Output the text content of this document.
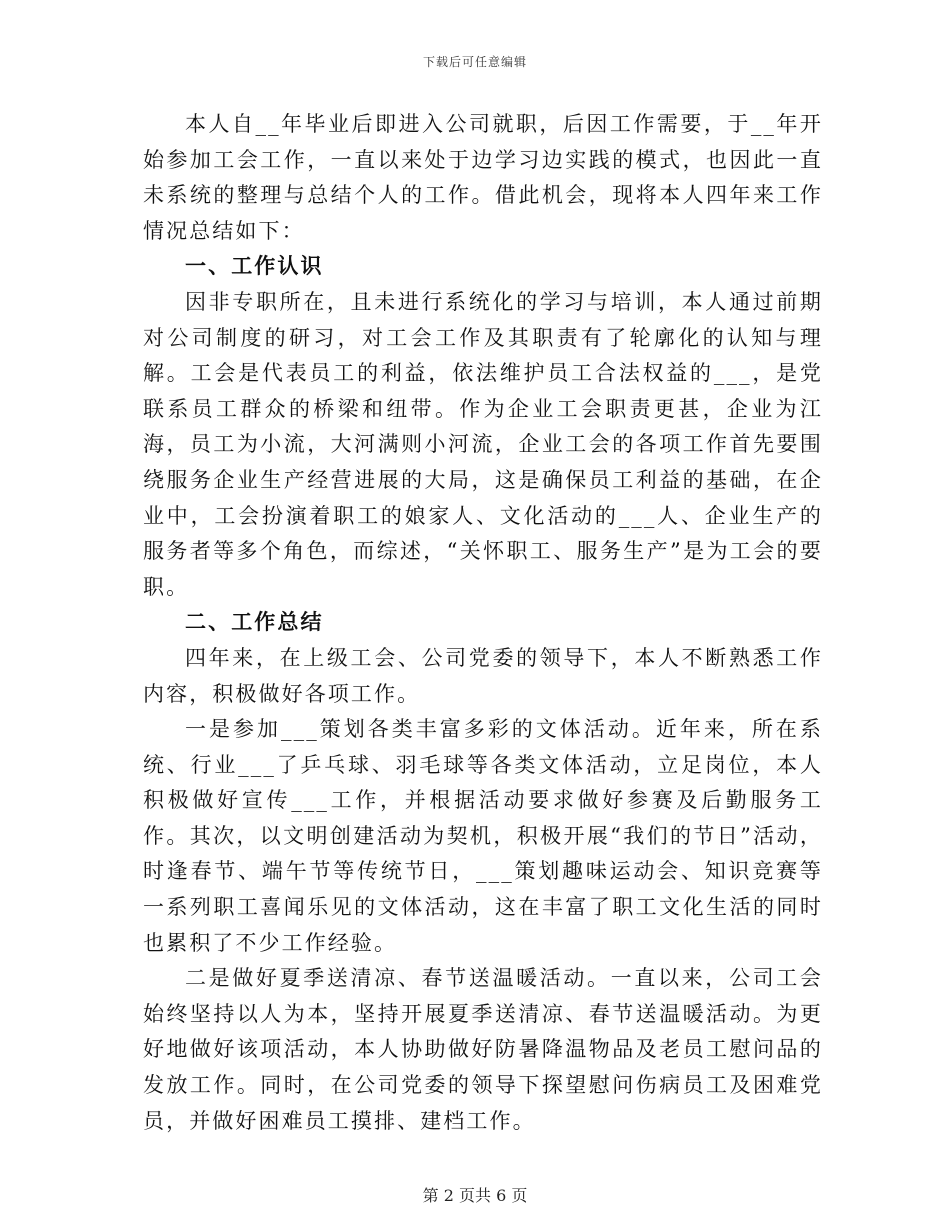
下载后可任意编辑

本人自__年毕业后即进入公司就职，后因工作需要，于__年开始参加工会工作，一直以来处于边学习边实践的模式，也因此一直未系统的整理与总结个人的工作。借此机会，现将本人四年来工作情况总结如下：

一、工作认识

因非专职所在，且未进行系统化的学习与培训，本人通过前期对公司制度的研习，对工会工作及其职责有了轮廓化的认知与理解。工会是代表员工的利益，依法维护员工合法权益的___，是党联系员工群众的桥梁和纽带。作为企业工会职责更甚，企业为江海，员工为小流，大河满则小河流，企业工会的各项工作首先要围绕服务企业生产经营进展的大局，这是确保员工利益的基础，在企业中，工会扮演着职工的娘家人、文化活动的___人、企业生产的服务者等多个角色，而综述，“关怀职工、服务生产”是为工会的要职。

二、工作总结

四年来，在上级工会、公司党委的领导下，本人不断熟悉工作内容，积极做好各项工作。

一是参加___策划各类丰富多彩的文体活动。近年来，所在系统、行业___了乒乓球、羽毛球等各类文体活动，立足岗位，本人积极做好宣传___工作，并根据活动要求做好参赛及后勤服务工作。其次，以文明创建活动为契机，积极开展“我们的节日”活动，时逢春节、端午节等传统节日，___策划趣味运动会、知识竞赛等一系列职工喜闻乐见的文体活动，这在丰富了职工文化生活的同时也累积了不少工作经验。

二是做好夏季送清凉、春节送温暖活动。一直以来，公司工会始终坚持以人为本，坚持开展夏季送清凉、春节送温暖活动。为更好地做好该项活动，本人协助做好防暑降温物品及老员工慰问品的发放工作。同时，在公司党委的领导下探望慰问伤病员工及困难党员，并做好困难员工摸排、建档工作。

第 2 页共 6 页
